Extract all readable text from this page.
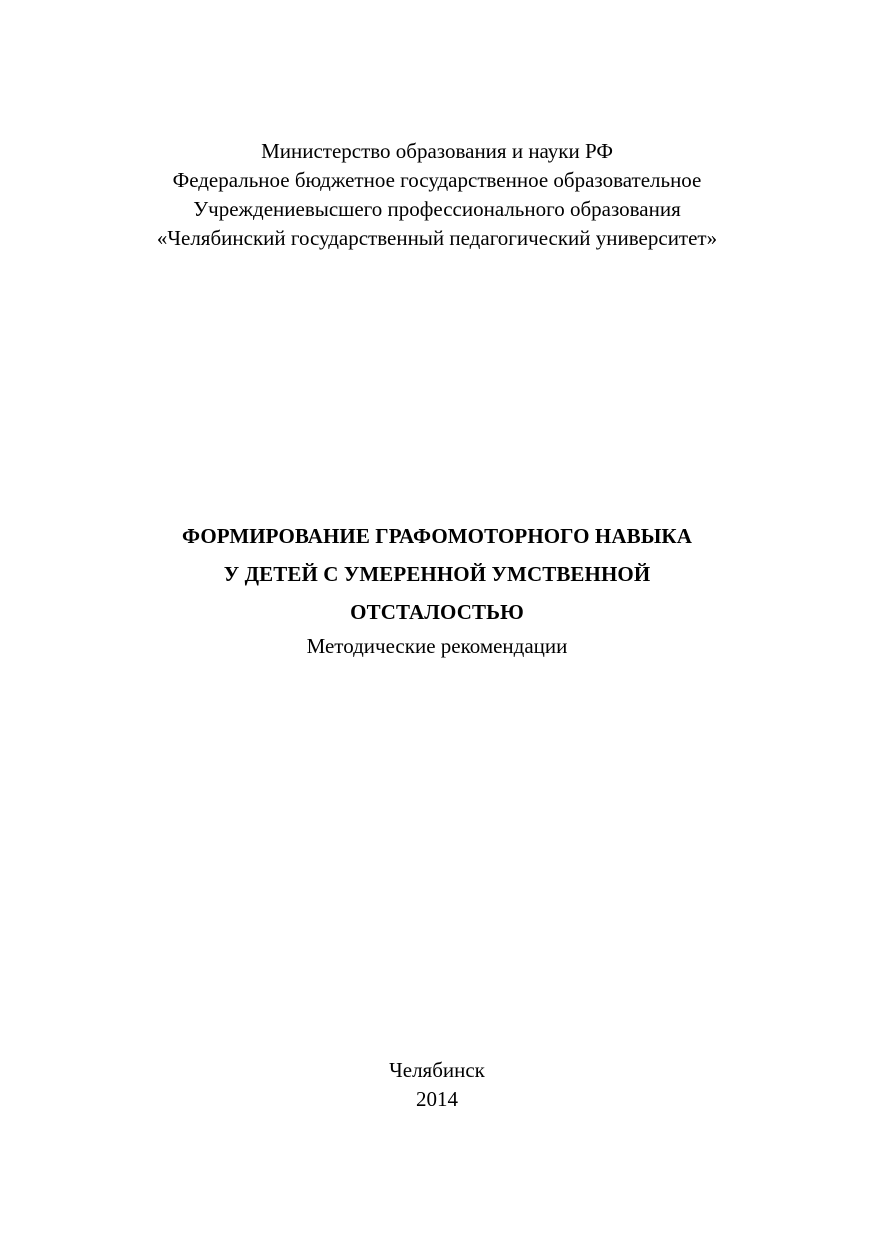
Министерство образования и науки РФ
Федеральное бюджетное государственное образовательное
Учреждениевысшего профессионального образования
«Челябинский государственный педагогический университет»
ФОРМИРОВАНИЕ ГРАФОМОТОРНОГО НАВЫКА
У ДЕТЕЙ С УМЕРЕННОЙ УМСТВЕННОЙ
ОТСТАЛОСТЬЮ
Методические рекомендации
Челябинск
2014
